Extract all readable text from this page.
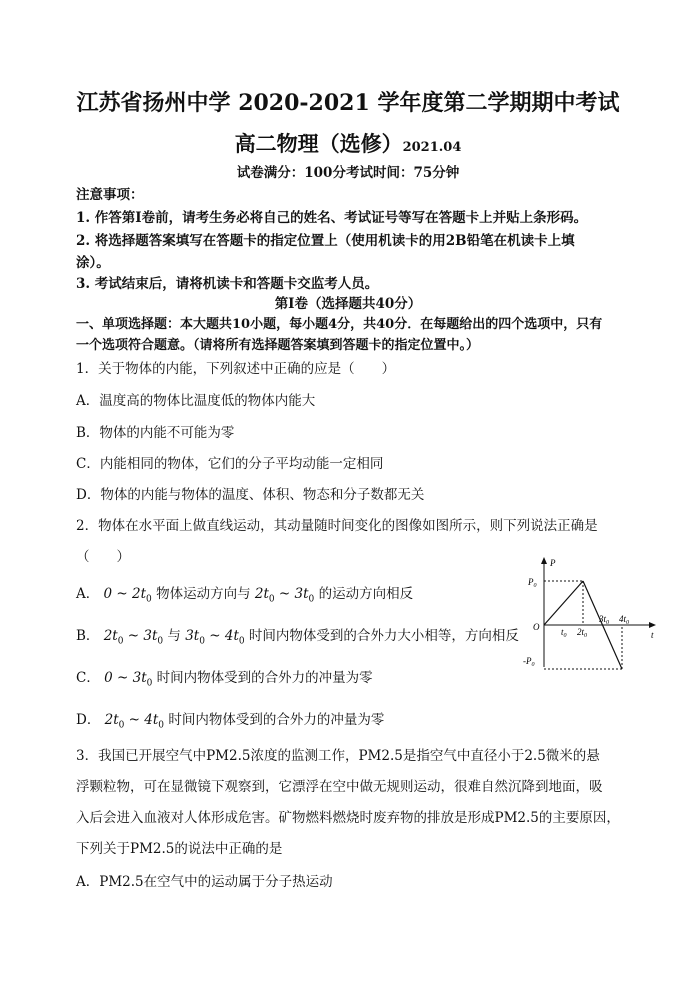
江苏省扬州中学 2020-2021 学年度第二学期期中考试
高二物理（选修）2021.04
试卷满分：100分考试时间：75分钟
注意事项：
1. 作答第Ⅰ卷前，请考生务必将自己的姓名、考试证号等写在答题卡上并贴上条形码。
2. 将选择题答案填写在答题卡的指定位置上（使用机读卡的用2B铅笔在机读卡上填
涂）。
3. 考试结束后，请将机读卡和答题卡交监考人员。
第Ⅰ卷（选择题共40分）
一、单项选择题：本大题共10小题，每小题4分，共40分．在每题给出的四个选项中，只有
一个选项符合题意。（请将所有选择题答案填到答题卡的指定位置中。）
1．关于物体的内能，下列叙述中正确的应是（　　）
A．温度高的物体比温度低的物体内能大
B．物体的内能不可能为零
C．内能相同的物体，它们的分子平均动能一定相同
D．物体的内能与物体的温度、体积、物态和分子数都无关
2．物体在水平面上做直线运动，其动量随时间变化的图像如图所示，则下列说法正确是
（　　）
A． 0 ~ $2t_0$ 物体运动方向与 $2t_0$ ~ $3t_0$ 的运动方向相反
B． $2t_0$ ~ $3t_0$ 与 $3t_0$ ~ $4t_0$ 时间内物体受到的合外力大小相等，方向相反
C． 0 ~ $3t_0$ 时间内物体受到的合外力的冲量为零
D． $2t_0$ ~ $4t_0$ 时间内物体受到的合外力的冲量为零
P
t
O
$P_0$
$-P_0$
$t_0$ $2t_0$
$3t_0$ $4t_0$
3．我国已开展空气中PM2.5浓度的监测工作，PM2.5是指空气中直径小于2.5微米的悬
浮颗粒物，可在显微镜下观察到，它漂浮在空中做无规则运动，很难自然沉降到地面，吸
入后会进入血液对人体形成危害。矿物燃料燃烧时废弃物的排放是形成PM2.5的主要原因，
下列关于PM2.5的说法中正确的是
A．PM2.5在空气中的运动属于分子热运动
